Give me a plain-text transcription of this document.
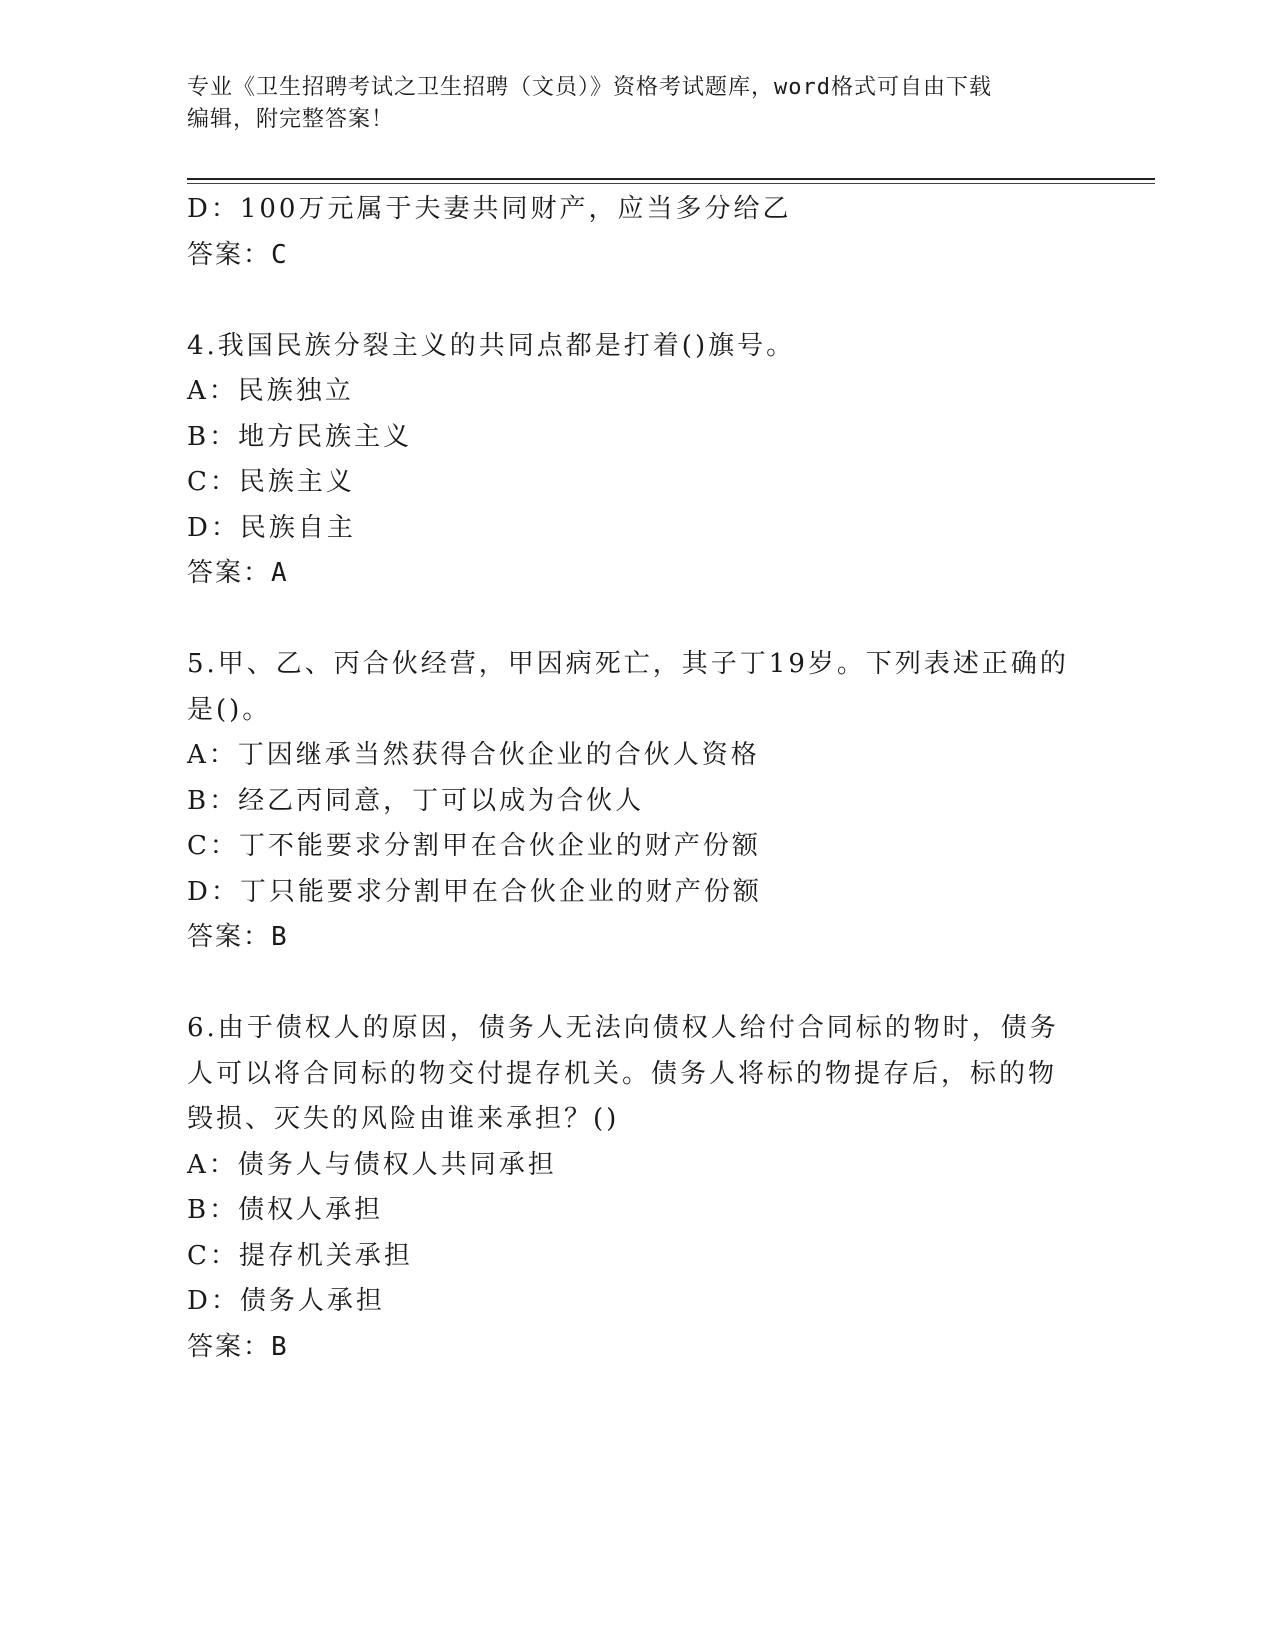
专业《卫生招聘考试之卫生招聘（文员）》资格考试题库，word格式可自由下载
编辑，附完整答案！
D：100万元属于夫妻共同财产，应当多分给乙
答案：C
4.我国民族分裂主义的共同点都是打着()旗号。
A：民族独立
B：地方民族主义
C：民族主义
D：民族自主
答案：A
5.甲、乙、丙合伙经营，甲因病死亡，其子丁19岁。下列表述正确的
是()。
A：丁因继承当然获得合伙企业的合伙人资格
B：经乙丙同意，丁可以成为合伙人
C：丁不能要求分割甲在合伙企业的财产份额
D：丁只能要求分割甲在合伙企业的财产份额
答案：B
6.由于债权人的原因，债务人无法向债权人给付合同标的物时，债务
人可以将合同标的物交付提存机关。债务人将标的物提存后，标的物
毁损、灭失的风险由谁来承担？()
A：债务人与债权人共同承担
B：债权人承担
C：提存机关承担
D：债务人承担
答案：B
